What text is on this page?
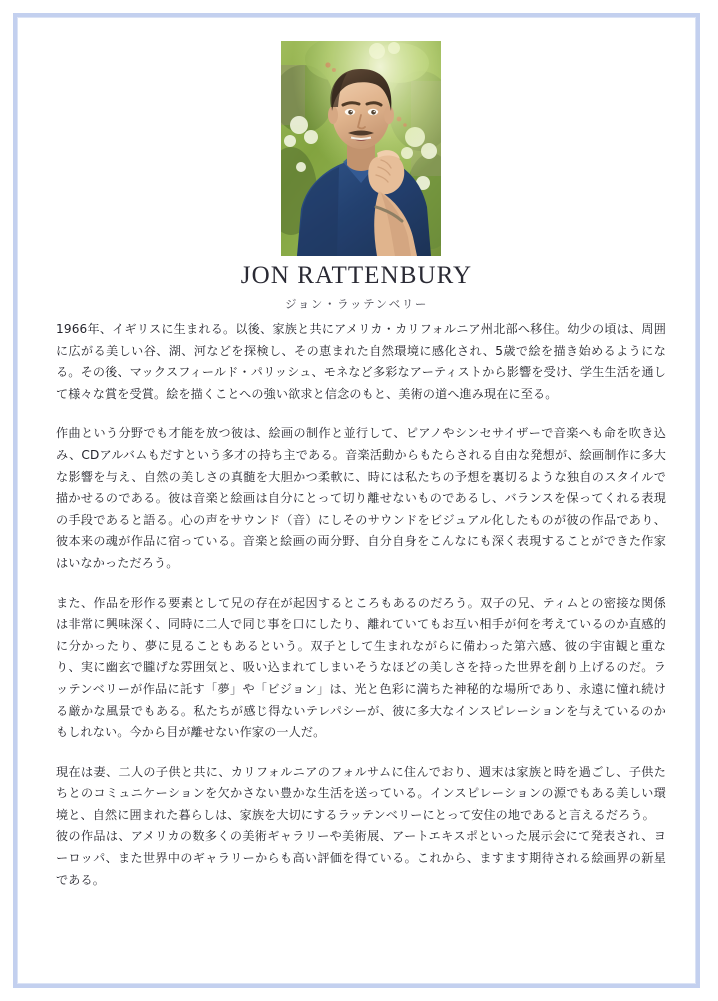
JON RATTENBURY
ジョン・ラッテンベリー

1966年、イギリスに生まれる。以後、家族と共にアメリカ・カリフォルニア州北部へ移住。幼少の頃は、周囲に広がる美しい谷、湖、河などを探検し、その恵まれた自然環境に感化され、5歳で絵を描き始めるようになる。その後、マックスフィールド・パリッシュ、モネなど多彩なアーティストから影響を受け、学生生活を通して様々な賞を受賞。絵を描くことへの強い欲求と信念のもと、美術の道へ進み現在に至る。

作曲という分野でも才能を放つ彼は、絵画の制作と並行して、ピアノやシンセサイザーで音楽へも命を吹き込み、CDアルバムもだすという多才の持ち主である。音楽活動からもたらされる自由な発想が、絵画制作に多大な影響を与え、自然の美しさの真髄を大胆かつ柔軟に、時には私たちの予想を裏切るような独自のスタイルで描かせるのである。彼は音楽と絵画は自分にとって切り離せないものであるし、バランスを保ってくれる表現の手段であると語る。心の声をサウンド（音）にしそのサウンドをビジュアル化したものが彼の作品であり、彼本来の魂が作品に宿っている。音楽と絵画の両分野、自分自身をこんなにも深く表現することができた作家はいなかっただろう。

また、作品を形作る要素として兄の存在が起因するところもあるのだろう。双子の兄、ティムとの密接な関係は非常に興味深く、同時に二人で同じ事を口にしたり、離れていてもお互い相手が何を考えているのか直感的に分かったり、夢に見ることもあるという。双子として生まれながらに備わった第六感、彼の宇宙観と重なり、実に幽玄で朧げな雰囲気と、吸い込まれてしまいそうなほどの美しさを持った世界を創り上げるのだ。ラッテンベリーが作品に託す「夢」や「ビジョン」は、光と色彩に満ちた神秘的な場所であり、永遠に憧れ続ける厳かな風景でもある。私たちが感じ得ないテレパシーが、彼に多大なインスピレーションを与えているのかもしれない。今から目が離せない作家の一人だ。

現在は妻、二人の子供と共に、カリフォルニアのフォルサムに住んでおり、週末は家族と時を過ごし、子供たちとのコミュニケーションを欠かさない豊かな生活を送っている。インスピレーションの源でもある美しい環境と、自然に囲まれた暮らしは、家族を大切にするラッテンベリーにとって安住の地であると言えるだろう。

彼の作品は、アメリカの数多くの美術ギャラリーや美術展、アートエキスポといった展示会にて発表され、ヨーロッパ、また世界中のギャラリーからも高い評価を得ている。これから、ますます期待される絵画界の新星である。
